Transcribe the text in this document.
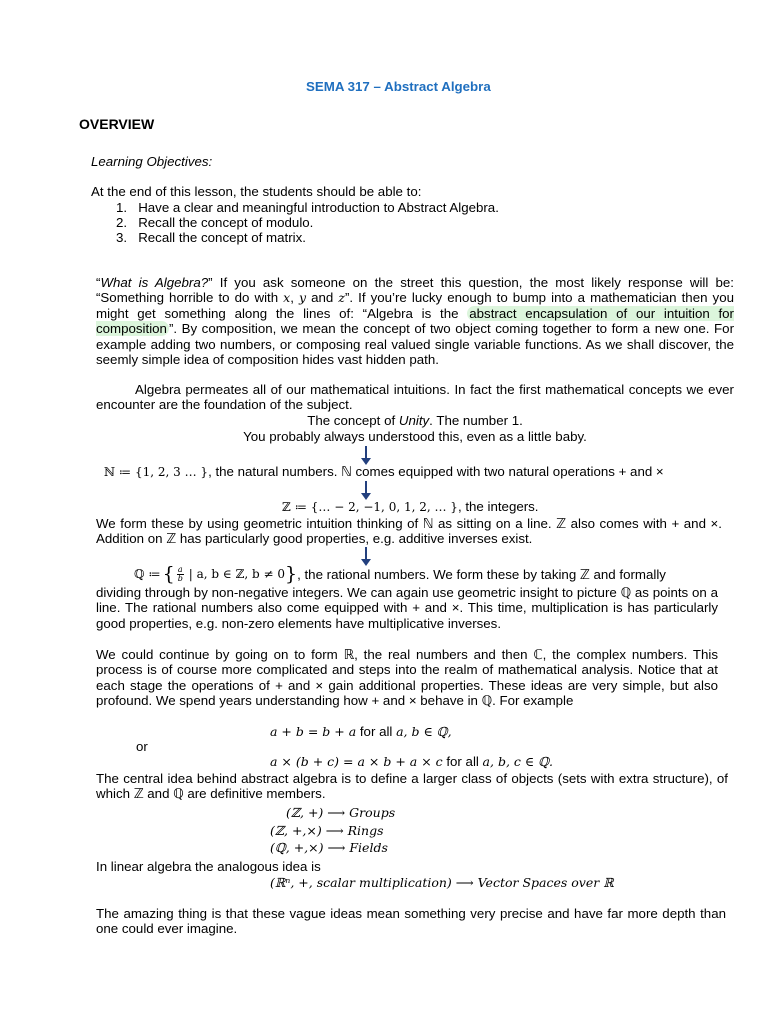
SEMA 317 – Abstract Algebra
OVERVIEW
Learning Objectives:
At the end of this lesson, the students should be able to:
1.   Have a clear and meaningful introduction to Abstract Algebra.
2.   Recall the concept of modulo.
3.   Recall the concept of matrix.
“What is Algebra?” If you ask someone on the street this question, the most likely response will be: “Something horrible to do with x, y and z”. If you’re lucky enough to bump into a mathematician then you might get something along the lines of: “Algebra is the abstract encapsulation of our intuition for composition ”. By composition, we mean the concept of two object coming together to form a new one. For example adding two numbers, or composing real valued single variable functions. As we shall discover, the seemly simple idea of composition hides vast hidden path.
Algebra permeates all of our mathematical intuitions. In fact the first mathematical concepts we ever encounter are the foundation of the subject.
The concept of Unity. The number 1.
You probably always understood this, even as a little baby.
ℕ ≔ {1, 2, 3 … }, the natural numbers. ℕ comes equipped with two natural operations + and ×
ℤ ≔ {… − 2, −1, 0, 1, 2, … }, the integers.
We form these by using geometric intuition thinking of ℕ as sitting on a line. ℤ also comes with + and ×. Addition on ℤ has particularly good properties, e.g. additive inverses exist.
ℚ ≔ { a
b | a, b ∈ ℤ, b ≠ 0 } , the rational numbers. We form these by taking ℤ and formally
dividing through by non-negative integers. We can again use geometric insight to picture ℚ as points on a line. The rational numbers also come equipped with + and ×. This time, multiplication is has particularly good properties, e.g. non-zero elements have multiplicative inverses.
We could continue by going on to form ℝ, the real numbers and then ℂ, the complex numbers. This process is of course more complicated and steps into the realm of mathematical analysis. Notice that at each stage the operations of + and × gain additional properties. These ideas are very simple, but also profound. We spend years understanding how + and × behave in ℚ. For example
a + b = b + a for all a, b ∈ ℚ,
or
a × (b + c) = a × b + a × c for all a, b, c ∈ ℚ.
The central idea behind abstract algebra is to define a larger class of objects (sets with extra structure), of which ℤ and ℚ are definitive members.
(ℤ, +) ⟶ Groups
(ℤ, +,×) ⟶ Rings
(ℚ, +,×) ⟶ Fields
In linear algebra the analogous idea is
(ℝⁿ, +, scalar multiplication) ⟶ Vector Spaces over ℝ
The amazing thing is that these vague ideas mean something very precise and have far more depth than one could ever imagine.
